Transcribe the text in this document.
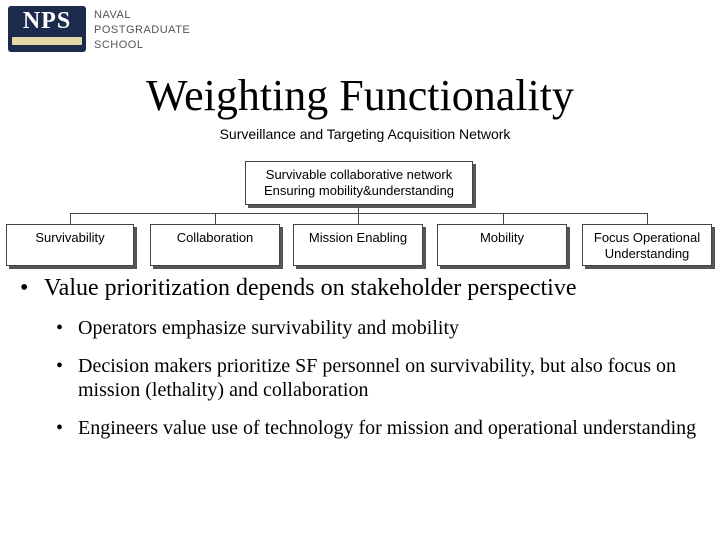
NPS	NAVAL
POSTGRADUATE
SCHOOL
Weighting Functionality
Surveillance and Targeting Acquisition Network
Survivable collaborative network
Ensuring mobility&understanding
Survivability	Collaboration	Mission Enabling	Mobility	Focus Operational
Understanding
• Value prioritization depends on stakeholder perspective
• Operators emphasize survivability and mobility
• Decision makers prioritize SF personnel on survivability, but also focus on mission (lethality) and collaboration
• Engineers value use of technology for mission and operational understanding
